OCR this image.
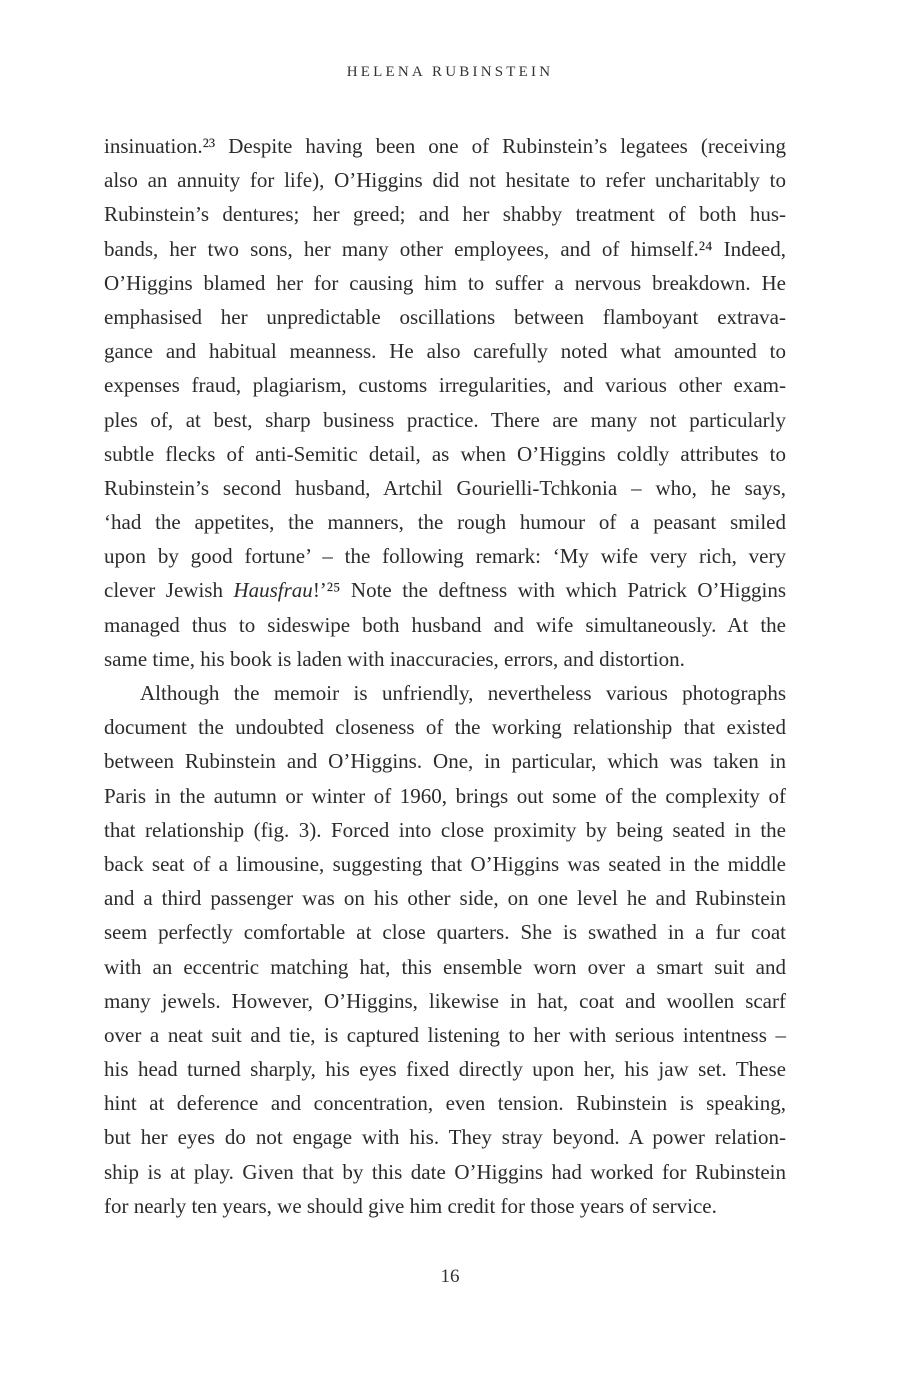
HELENA RUBINSTEIN
insinuation.²³ Despite having been one of Rubinstein’s legatees (receiving
also an annuity for life), O’Higgins did not hesitate to refer uncharitably to
Rubinstein’s dentures; her greed; and her shabby treatment of both hus-
bands, her two sons, her many other employees, and of himself.²⁴ Indeed,
O’Higgins blamed her for causing him to suffer a nervous breakdown. He
emphasised her unpredictable oscillations between flamboyant extrava-
gance and habitual meanness. He also carefully noted what amounted to
expenses fraud, plagiarism, customs irregularities, and various other exam-
ples of, at best, sharp business practice. There are many not particularly
subtle flecks of anti-Semitic detail, as when O’Higgins coldly attributes to
Rubinstein’s second husband, Artchil Gourielli-Tchkonia – who, he says,
‘had the appetites, the manners, the rough humour of a peasant smiled
upon by good fortune’ – the following remark: ‘My wife very rich, very
clever Jewish Hausfrau!’²⁵ Note the deftness with which Patrick O’Higgins
managed thus to sideswipe both husband and wife simultaneously. At the
same time, his book is laden with inaccuracies, errors, and distortion.
Although the memoir is unfriendly, nevertheless various photographs
document the undoubted closeness of the working relationship that existed
between Rubinstein and O’Higgins. One, in particular, which was taken in
Paris in the autumn or winter of 1960, brings out some of the complexity of
that relationship (fig. 3). Forced into close proximity by being seated in the
back seat of a limousine, suggesting that O’Higgins was seated in the middle
and a third passenger was on his other side, on one level he and Rubinstein
seem perfectly comfortable at close quarters. She is swathed in a fur coat
with an eccentric matching hat, this ensemble worn over a smart suit and
many jewels. However, O’Higgins, likewise in hat, coat and woollen scarf
over a neat suit and tie, is captured listening to her with serious intentness –
his head turned sharply, his eyes fixed directly upon her, his jaw set. These
hint at deference and concentration, even tension. Rubinstein is speaking,
but her eyes do not engage with his. They stray beyond. A power relation-
ship is at play. Given that by this date O’Higgins had worked for Rubinstein
for nearly ten years, we should give him credit for those years of service.
16
